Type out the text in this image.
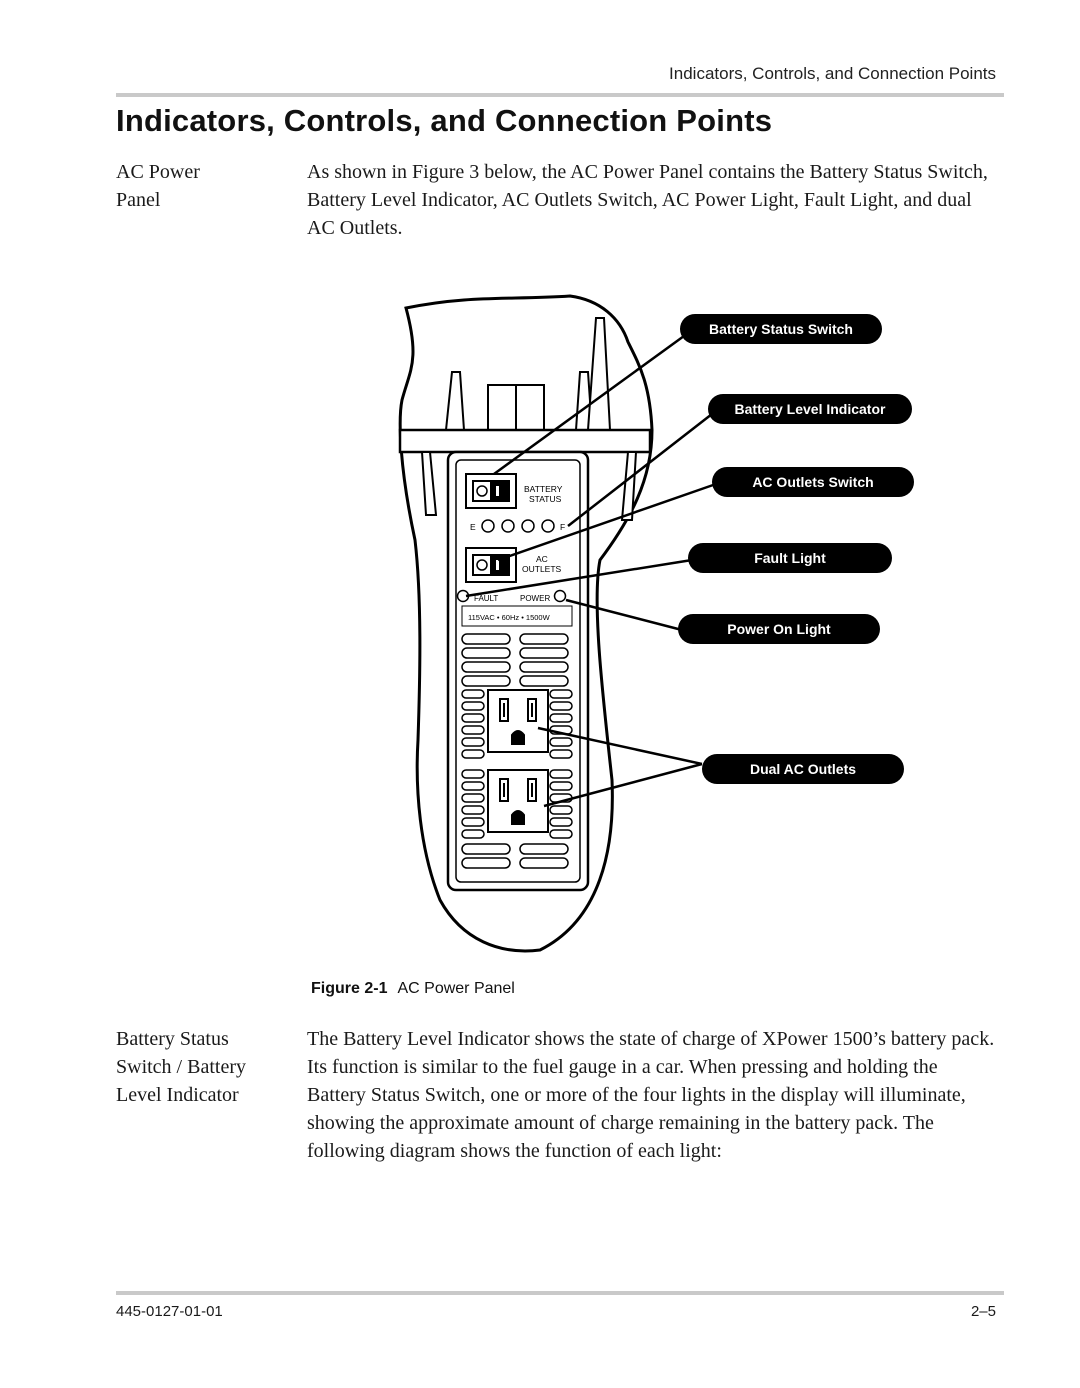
Indicators, Controls, and Connection Points
Indicators, Controls, and Connection Points

AC Power Panel

As shown in Figure 3 below, the AC Power Panel contains the Battery Status Switch, Battery Level Indicator, AC Outlets Switch, AC Power Light, Fault Light, and dual AC Outlets.

BATTERY
STATUS
E	F
AC
OUTLETS
FAULT	POWER
115VAC • 60Hz • 1500W
Battery Status Switch
Battery Level Indicator
AC Outlets Switch
Fault Light
Power On Light
Dual AC Outlets
Figure 2-1 AC Power Panel

Battery Status Switch / Battery Level Indicator

The Battery Level Indicator shows the state of charge of XPower 1500’s battery pack. Its function is similar to the fuel gauge in a car. When pressing and holding the Battery Status Switch, one or more of the four lights in the display will illuminate, showing the approximate amount of charge remaining in the battery pack. The following diagram shows the function of each light:

445-0127-01-01	2–5
